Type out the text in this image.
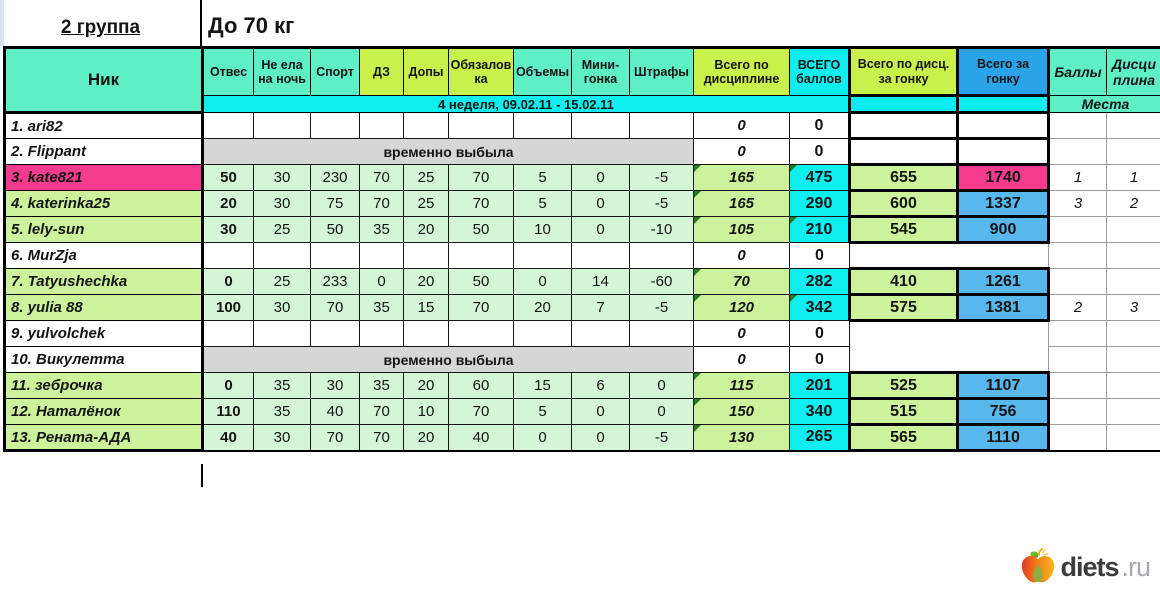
2 группа	До 70 кг
Ник	Отвес	Не ела на ночь	Спорт	ДЗ	Допы	Обязаловка	Объемы	Мини-гонка	Штрафы	Всего по дисциплине	ВСЕГО баллов	Всего по дисц. за гонку	Всего за гонку	Баллы	Дисциплина
	4 неделя, 09.02.11 - 15.02.11													Места	
1. ari82										0	0				
2. Flippant	временно выбыла									0	0				
3. kate821	50	30	230	70	25	70	5	0	-5	165	475	655	1740	1	1
4. katerinka25	20	30	75	70	25	70	5	0	-5	165	290	600	1337	3	2
5. lely-sun	30	25	50	35	20	50	10	0	-10	105	210	545	900		
6. MurZja										0	0				
7. Tatyushechka	0	25	233	0	20	50	0	14	-60	70	282	410	1261		
8. yulia 88	100	30	70	35	15	70	20	7	-5	120	342	575	1381	2	3
9. yulvolchek										0	0				
10. Викулетта	временно выбыла									0	0				
11. зеброчка	0	35	30	35	20	60	15	6	0	115	201	525	1107		
12. Наталёнок	110	35	40	70	10	70	5	0	0	150	340	515	756		
13. Рената-АДА	40	30	70	70	20	40	0	0	-5	130	265	565	1110		
diets .ru
